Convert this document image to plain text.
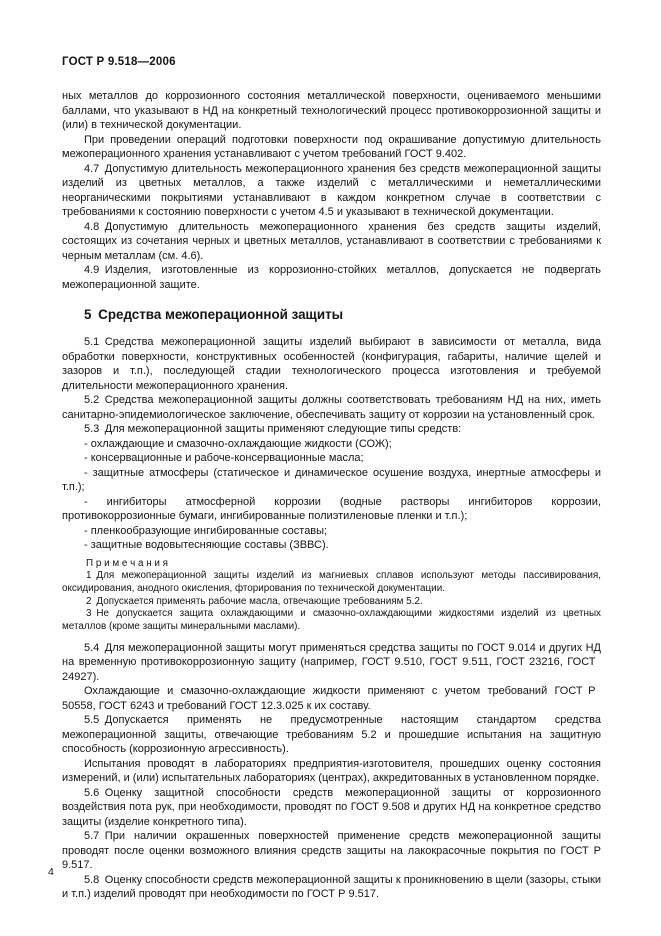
ГОСТ Р 9.518—2006

ных металлов до коррозионного состояния металлической поверхности, оцениваемого меньшими баллами, что указывают в НД на конкретный технологический процесс противокоррозионной защиты и (или) в технической документации.

При проведении операций подготовки поверхности под окрашивание допустимую длительность межоперационного хранения устанавливают с учетом требований ГОСТ 9.402.

4.7 Допустимую длительность межоперационного хранения без средств межоперационной защиты изделий из цветных металлов, а также изделий с металлическими и неметаллическими неорганическими покрытиями устанавливают в каждом конкретном случае в соответствии с требованиями к состоянию поверхности с учетом 4.5 и указывают в технической документации.

4.8 Допустимую длительность межоперационного хранения без средств защиты изделий, состоящих из сочетания черных и цветных металлов, устанавливают в соответствии с требованиями к черным металлам (см. 4.6).

4.9 Изделия, изготовленные из коррозионно-стойких металлов, допускается не подвергать межоперационной защите.

5 Средства межоперационной защиты

5.1 Средства межоперационной защиты изделий выбирают в зависимости от металла, вида обработки поверхности, конструктивных особенностей (конфигурация, габариты, наличие щелей и зазоров и т.п.), последующей стадии технологического процесса изготовления и требуемой длительности межоперационного хранения.

5.2 Средства межоперационной защиты должны соответствовать требованиям НД на них, иметь санитарно-эпидемиологическое заключение, обеспечивать защиту от коррозии на установленный срок.

5.3 Для межоперационной защиты применяют следующие типы средств:

- охлаждающие и смазочно-охлаждающие жидкости (СОЖ);

- консервационные и рабоче-консервационные масла;

- защитные атмосферы (статическое и динамическое осушение воздуха, инертные атмосферы и т.п.);

- ингибиторы атмосферной коррозии (водные растворы ингибиторов коррозии, противокоррозионные бумаги, ингибированные полиэтиленовые пленки и т.п.);

- пленкообразующие ингибированные составы;

- защитные водовытесняющие составы (ЗВВС).

П р и м е ч а н и я

1 Для межоперационной защиты изделий из магниевых сплавов используют методы пассивирования, оксидирования, анодного окисления, фторирования по технической документации.

2 Допускается применять рабочие масла, отвечающие требованиям 5.2.

3 Не допускается защита охлаждающими и смазочно-охлаждающими жидкостями изделий из цветных металлов (кроме защиты минеральными маслами).

5.4 Для межоперационной защиты могут применяться средства защиты по ГОСТ 9.014 и других НД на временную противокоррозионную защиту (например, ГОСТ 9.510, ГОСТ 9.511, ГОСТ 23216, ГОСТ 24927).

Охлаждающие и смазочно-охлаждающие жидкости применяют с учетом требований ГОСТ Р 50558, ГОСТ 6243 и требований ГОСТ 12.3.025 к их составу.

5.5 Допускается применять не предусмотренные настоящим стандартом средства межоперационной защиты, отвечающие требованиям 5.2 и прошедшие испытания на защитную способность (коррозионную агрессивность).

Испытания проводят в лабораториях предприятия-изготовителя, прошедших оценку состояния измерений, и (или) испытательных лабораториях (центрах), аккредитованных в установленном порядке.

5.6 Оценку защитной способности средств межоперационной защиты от коррозионного воздействия пота рук, при необходимости, проводят по ГОСТ 9.508 и других НД на конкретное средство защиты (изделие конкретного типа).

5.7 При наличии окрашенных поверхностей применение средств межоперационной защиты проводят после оценки возможного влияния средств защиты на лакокрасочные покрытия по ГОСТ Р 9.517.

5.8 Оценку способности средств межоперационной защиты к проникновению в щели (зазоры, стыки и т.п.) изделий проводят при необходимости по ГОСТ Р 9.517.

4
